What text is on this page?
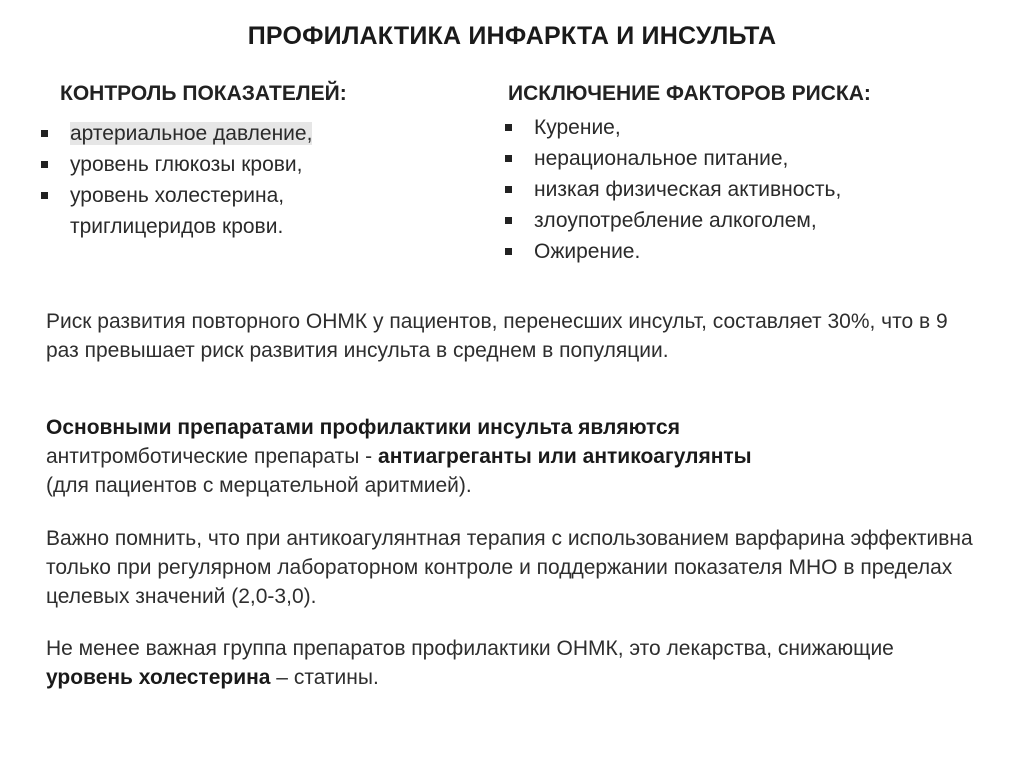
ПРОФИЛАКТИКА ИНФАРКТА И ИНСУЛЬТА
КОНТРОЛЬ ПОКАЗАТЕЛЕЙ:
артериальное давление,
уровень глюкозы крови,
уровень холестерина,
триглицеридов крови.
ИСКЛЮЧЕНИЕ ФАКТОРОВ РИСКА:
Курение,
нерациональное питание,
низкая физическая активность,
злоупотребление алкоголем,
Ожирение.

Риск развития повторного ОНМК у пациентов, перенесших инсульт, составляет 30%, что в 9 раз превышает риск развития инсульта в среднем в популяции.

Основными препаратами профилактики инсульта являются
антитромботические препараты - антиагреганты или антикоагулянты
(для пациентов с мерцательной аритмией).

Важно помнить, что при антикоагулянтная терапия с использованием варфарина эффективна только при регулярном лабораторном контроле и поддержании показателя МНО в пределах целевых значений (2,0-3,0).

Не менее важная группа препаратов профилактики ОНМК, это лекарства, снижающие уровень холестерина – статины.
